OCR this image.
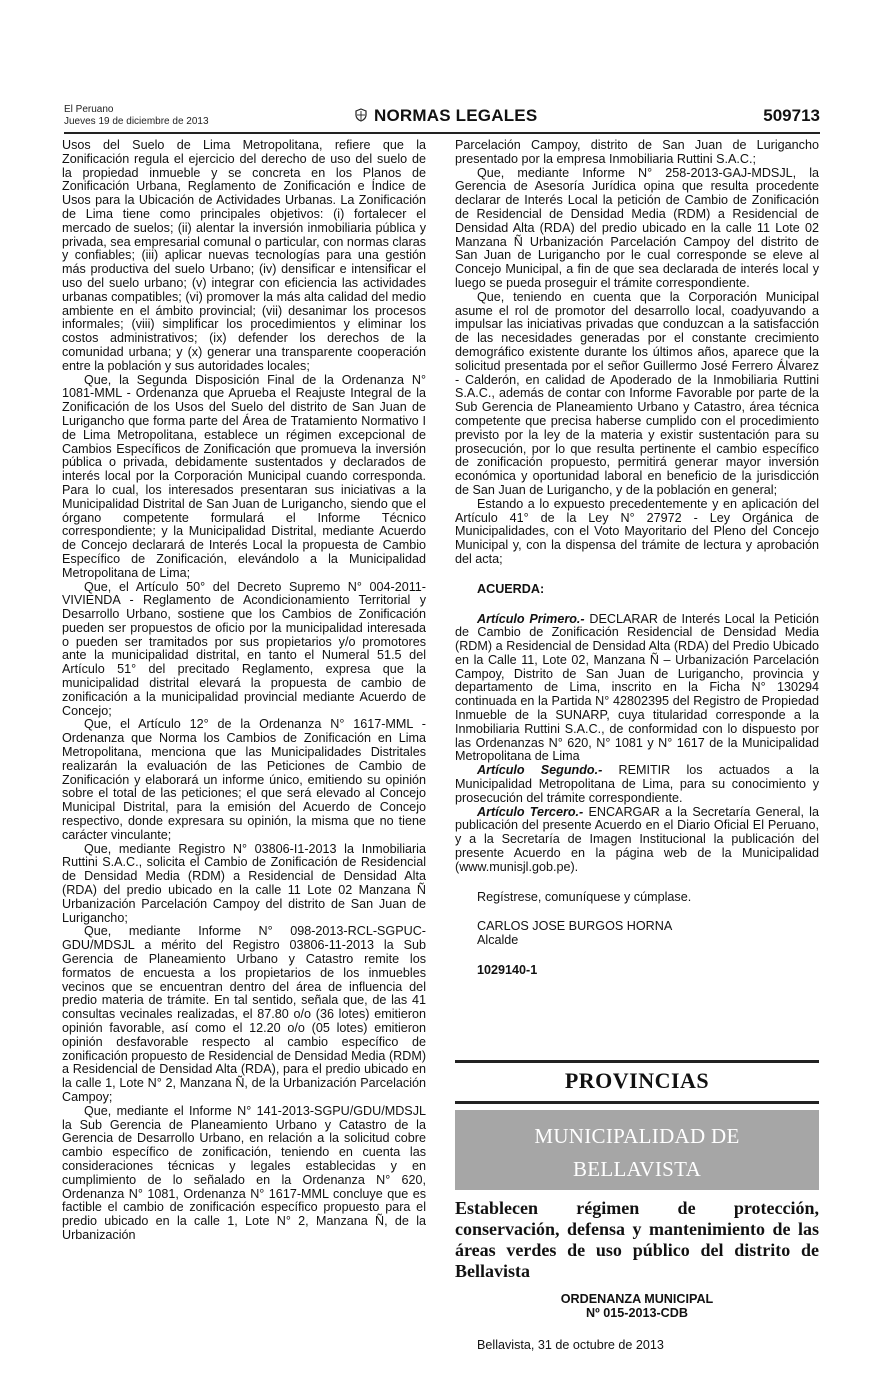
El Peruano
Jueves 19 de diciembre de 2013	NORMAS LEGALES	509713

Usos del Suelo de Lima Metropolitana, refiere que la Zonificación regula el ejercicio del derecho de uso del suelo de la propiedad inmueble y se concreta en los Planos de Zonificación Urbana, Reglamento de Zonificación e Índice de Usos para la Ubicación de Actividades Urbanas. La Zonificación de Lima tiene como principales objetivos: (i) fortalecer el mercado de suelos; (ii) alentar la inversión inmobiliaria pública y privada, sea empresarial comunal o particular, con normas claras y confiables; (iii) aplicar nuevas tecnologías para una gestión más productiva del suelo Urbano; (iv) densificar e intensificar el uso del suelo urbano; (v) integrar con eficiencia las actividades urbanas compatibles; (vi) promover la más alta calidad del medio ambiente en el ámbito provincial; (vii) desanimar los procesos informales; (viii) simplificar los procedimientos y eliminar los costos administrativos; (ix) defender los derechos de la comunidad urbana; y (x) generar una transparente cooperación entre la población y sus autoridades locales;

Que, la Segunda Disposición Final de la Ordenanza N° 1081-MML - Ordenanza que Aprueba el Reajuste Integral de la Zonificación de los Usos del Suelo del distrito de San Juan de Lurigancho que forma parte del Área de Tratamiento Normativo I de Lima Metropolitana, establece un régimen excepcional de Cambios Específicos de Zonificación que promueva la inversión pública o privada, debidamente sustentados y declarados de interés local por la Corporación Municipal cuando corresponda. Para lo cual, los interesados presentaran sus iniciativas a la Municipalidad Distrital de San Juan de Lurigancho, siendo que el órgano competente formulará el Informe Técnico correspondiente; y la Municipalidad Distrital, mediante Acuerdo de Concejo declarará de Interés Local la propuesta de Cambio Específico de Zonificación, elevándolo a la Municipalidad Metropolitana de Lima;

Que, el Artículo 50° del Decreto Supremo N° 004-2011-VIVIENDA - Reglamento de Acondicionamiento Territorial y Desarrollo Urbano, sostiene que los Cambios de Zonificación pueden ser propuestos de oficio por la municipalidad interesada o pueden ser tramitados por sus propietarios y/o promotores ante la municipalidad distrital, en tanto el Numeral 51.5 del Artículo 51° del precitado Reglamento, expresa que la municipalidad distrital elevará la propuesta de cambio de zonificación a la municipalidad provincial mediante Acuerdo de Concejo;

Que, el Artículo 12° de la Ordenanza N° 1617-MML - Ordenanza que Norma los Cambios de Zonificación en Lima Metropolitana, menciona que las Municipalidades Distritales realizarán la evaluación de las Peticiones de Cambio de Zonificación y elaborará un informe único, emitiendo su opinión sobre el total de las peticiones; el que será elevado al Concejo Municipal Distrital, para la emisión del Acuerdo de Concejo respectivo, donde expresara su opinión, la misma que no tiene carácter vinculante;

Que, mediante Registro N° 03806-I1-2013 la Inmobiliaria Ruttini S.A.C., solicita el Cambio de Zonificación de Residencial de Densidad Media (RDM) a Residencial de Densidad Alta (RDA) del predio ubicado en la calle 11 Lote 02 Manzana Ñ Urbanización Parcelación Campoy del distrito de San Juan de Lurigancho;

Que, mediante Informe N° 098-2013-RCL-SGPUC-GDU/MDSJL a mérito del Registro 03806-11-2013 la Sub Gerencia de Planeamiento Urbano y Catastro remite los formatos de encuesta a los propietarios de los inmuebles vecinos que se encuentran dentro del área de influencia del predio materia de trámite. En tal sentido, señala que, de las 41 consultas vecinales realizadas, el 87.80 o/o (36 lotes) emitieron opinión favorable, así como el 12.20 o/o (05 lotes) emitieron opinión desfavorable respecto al cambio específico de zonificación propuesto de Residencial de Densidad Media (RDM) a Residencial de Densidad Alta (RDA), para el predio ubicado en la calle 1, Lote N° 2, Manzana Ñ, de la Urbanización Parcelación Campoy;

Que, mediante el Informe N° 141-2013-SGPU/GDU/MDSJL la Sub Gerencia de Planeamiento Urbano y Catastro de la Gerencia de Desarrollo Urbano, en relación a la solicitud cobre cambio específico de zonificación, teniendo en cuenta las consideraciones técnicas y legales establecidas y en cumplimiento de lo señalado en la Ordenanza N° 620, Ordenanza N° 1081, Ordenanza N° 1617-MML concluye que es factible el cambio de zonificación específico propuesto para el predio ubicado en la calle 1, Lote N° 2, Manzana Ñ, de la Urbanización

Parcelación Campoy, distrito de San Juan de Lurigancho presentado por la empresa Inmobiliaria Ruttini S.A.C.;

Que, mediante Informe N° 258-2013-GAJ-MDSJL, la Gerencia de Asesoría Jurídica opina que resulta procedente declarar de Interés Local la petición de Cambio de Zonificación de Residencial de Densidad Media (RDM) a Residencial de Densidad Alta (RDA) del predio ubicado en la calle 11 Lote 02 Manzana Ñ Urbanización Parcelación Campoy del distrito de San Juan de Lurigancho por le cual corresponde se eleve al Concejo Municipal, a fin de que sea declarada de interés local y luego se pueda proseguir el trámite correspondiente.

Que, teniendo en cuenta que la Corporación Municipal asume el rol de promotor del desarrollo local, coadyuvando a impulsar las iniciativas privadas que conduzcan a la satisfacción de las necesidades generadas por el constante crecimiento demográfico existente durante los últimos años, aparece que la solicitud presentada por el señor Guillermo José Ferrero Álvarez - Calderón, en calidad de Apoderado de la Inmobiliaria Ruttini S.A.C., además de contar con Informe Favorable por parte de la Sub Gerencia de Planeamiento Urbano y Catastro, área técnica competente que precisa haberse cumplido con el procedimiento previsto por la ley de la materia y existir sustentación para su prosecución, por lo que resulta pertinente el cambio específico de zonificación propuesto, permitirá generar mayor inversión económica y oportunidad laboral en beneficio de la jurisdicción de San Juan de Lurigancho, y de la población en general;

Estando a lo expuesto precedentemente y en aplicación del Artículo 41° de la Ley N° 27972 - Ley Orgánica de Municipalidades, con el Voto Mayoritario del Pleno del Concejo Municipal y, con la dispensa del trámite de lectura y aprobación del acta;

ACUERDA:

Artículo Primero.- DECLARAR de Interés Local la Petición de Cambio de Zonificación Residencial de Densidad Media (RDM) a Residencial de Densidad Alta (RDA) del Predio Ubicado en la Calle 11, Lote 02, Manzana Ñ – Urbanización Parcelación Campoy, Distrito de San Juan de Lurigancho, provincia y departamento de Lima, inscrito en la Ficha N° 130294 continuada en la Partida N° 42802395 del Registro de Propiedad Inmueble de la SUNARP, cuya titularidad corresponde a la Inmobiliaria Ruttini S.A.C., de conformidad con lo dispuesto por las Ordenanzas N° 620, N° 1081 y N° 1617 de la Municipalidad Metropolitana de Lima

Artículo Segundo.- REMITIR los actuados a la Municipalidad Metropolitana de Lima, para su conocimiento y prosecución del trámite correspondiente.

Artículo Tercero.- ENCARGAR a la Secretaría General, la publicación del presente Acuerdo en el Diario Oficial El Peruano, y a la Secretaría de Imagen Institucional la publicación del presente Acuerdo en la página web de la Municipalidad (www.munisjl.gob.pe).

Regístrese, comuníquese y cúmplase.

CARLOS JOSE BURGOS HORNA

Alcalde

1029140-1

PROVINCIAS
MUNICIPALIDAD DE
BELLAVISTA
Establecen régimen de protección, conservación, defensa y mantenimiento de las áreas verdes de uso público del distrito de Bellavista
ORDENANZA MUNICIPAL
Nº 015-2013-CDB
Bellavista, 31 de octubre de 2013
